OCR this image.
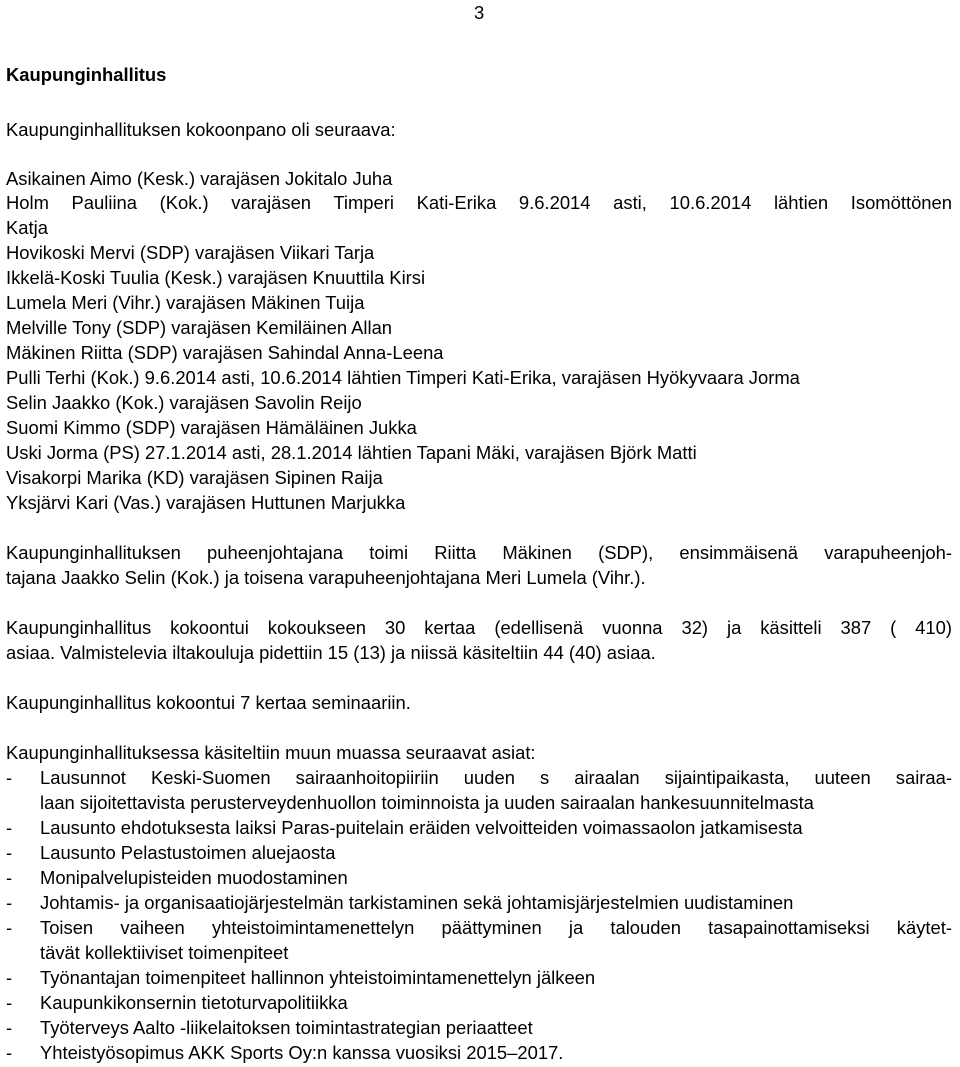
3
Kaupunginhallitus
Kaupunginhallituksen kokoonpano oli seuraava:
Asikainen Aimo (Kesk.) varajäsen Jokitalo Juha
Holm Pauliina (Kok.) varajäsen Timperi Kati-Erika 9.6.2014 asti, 10.6.2014 lähtien Isomöttönen
Katja
Hovikoski Mervi (SDP) varajäsen Viikari Tarja
Ikkelä-Koski Tuulia (Kesk.) varajäsen Knuuttila Kirsi
Lumela Meri (Vihr.) varajäsen Mäkinen Tuija
Melville Tony (SDP) varajäsen Kemiläinen Allan
Mäkinen Riitta (SDP) varajäsen Sahindal Anna-Leena
Pulli Terhi (Kok.) 9.6.2014 asti, 10.6.2014 lähtien Timperi Kati-Erika, varajäsen Hyökyvaara Jorma
Selin Jaakko (Kok.) varajäsen Savolin Reijo
Suomi Kimmo (SDP) varajäsen Hämäläinen Jukka
Uski Jorma (PS) 27.1.2014 asti, 28.1.2014 lähtien Tapani Mäki, varajäsen Björk Matti
Visakorpi Marika (KD) varajäsen Sipinen Raija
Yksjärvi Kari (Vas.) varajäsen Huttunen Marjukka
Kaupunginhallituksen puheenjohtajana toimi Riitta Mäkinen (SDP), ensimmäisenä varapuheenjoh-
tajana Jaakko Selin (Kok.) ja toisena varapuheenjohtajana Meri Lumela (Vihr.).
Kaupunginhallitus kokoontui kokoukseen 30 kertaa (edellisenä vuonna 32) ja käsitteli 387 ( 410)
asiaa. Valmistelevia iltakouluja pidettiin 15 (13) ja niissä käsiteltiin 44 (40) asiaa.
Kaupunginhallitus kokoontui 7 kertaa seminaariin.
Kaupunginhallituksessa käsiteltiin muun muassa seuraavat asiat:
-	Lausunnot Keski-Suomen sairaanhoitopiiriin uuden s airaalan sijaintipaikasta, uuteen sairaa-
laan sijoitettavista perusterveydenhuollon toiminnoista ja uuden sairaalan hankesuunnitelmasta
-	Lausunto ehdotuksesta laiksi Paras-puitelain eräiden velvoitteiden voimassaolon jatkamisesta
-	Lausunto Pelastustoimen aluejaosta
-	Monipalvelupisteiden muodostaminen
-	Johtamis- ja organisaatiojärjestelmän tarkistaminen sekä johtamisjärjestelmien uudistaminen
-	Toisen vaiheen yhteistoimintamenettelyn päättyminen ja talouden tasapainottamiseksi käytet-
tävät kollektiiviset toimenpiteet
-	Työnantajan toimenpiteet hallinnon yhteistoimintamenettelyn jälkeen
-	Kaupunkikonsernin tietoturvapolitiikka
-	Työterveys Aalto -liikelaitoksen toimintastrategian periaatteet
-	Yhteistyösopimus AKK Sports Oy:n kanssa vuosiksi 2015–2017.
